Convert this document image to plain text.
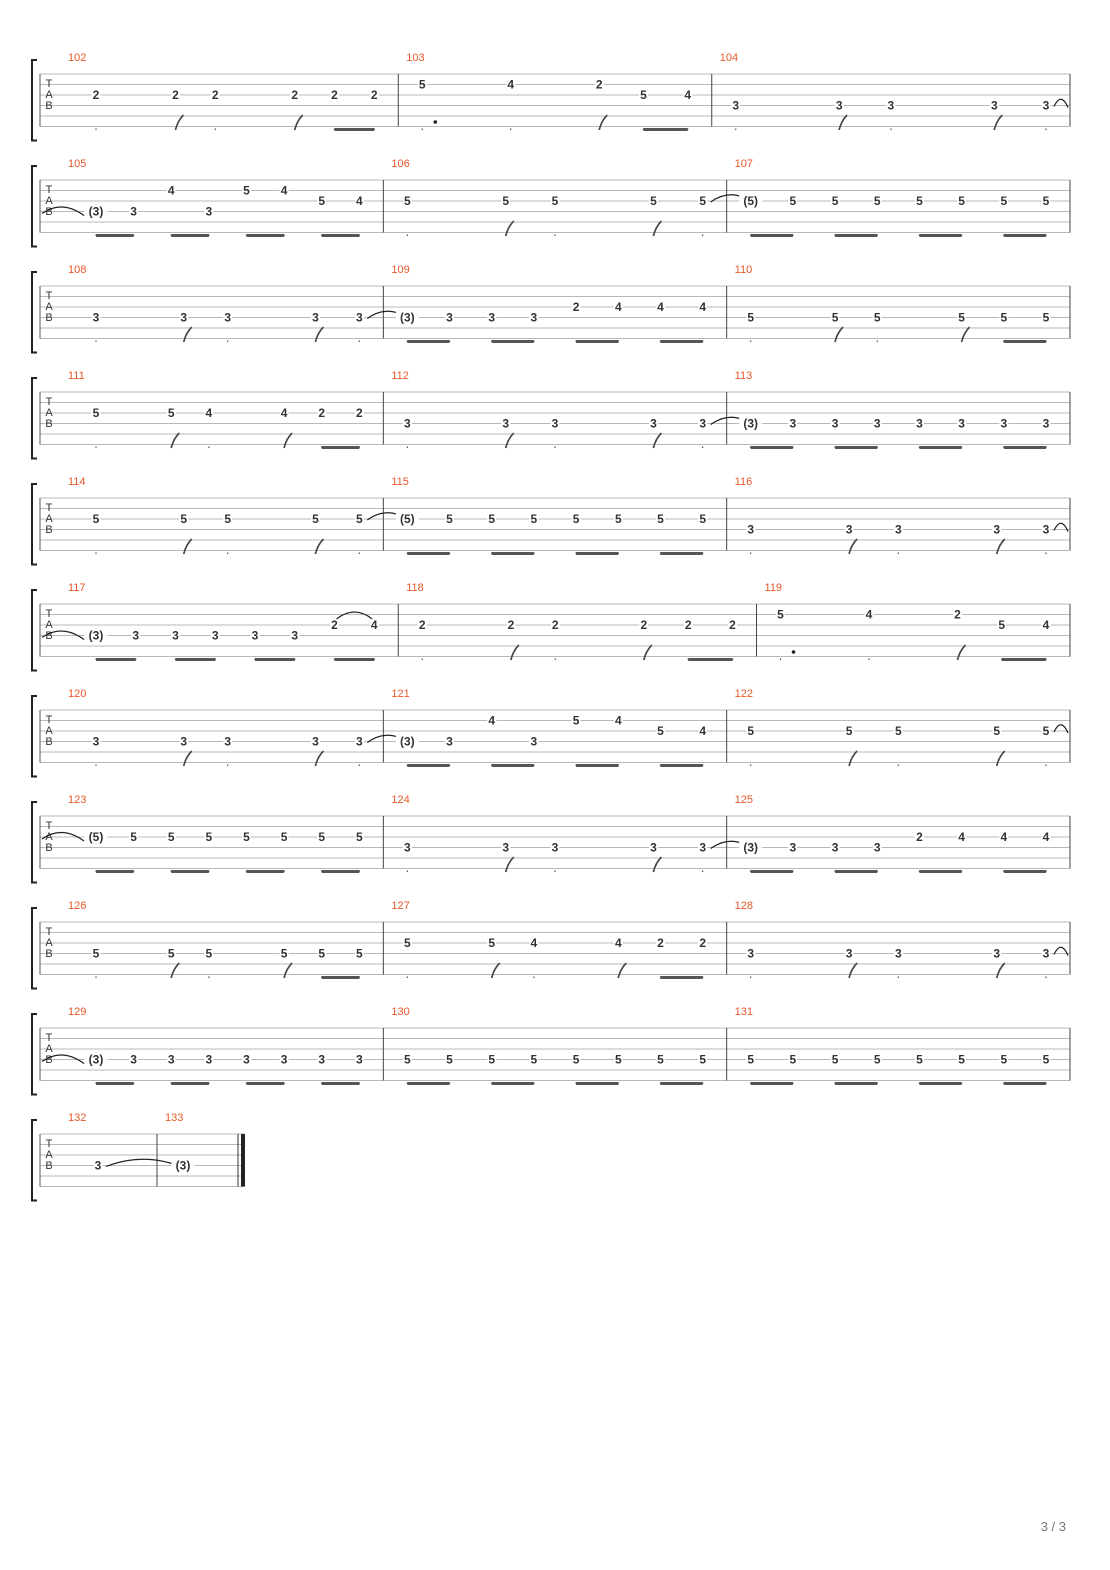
T
A
B
102
2	2	2	2	2	2
103
5	4	2
5	4
104
3	3	3	3	3
T
A
B
105
(3) 3
4
3
5	4
5	4
106
5	5	5	5	5
107
(5)	5	5	5	5	5	5	5
T
A
B
108
3	3	3	3	3
109
(3)	3	3	3
2	4	4	4
110
5	5	5	5	5	5
T
A
B
111
5	5	4	4	2	2
112
3	3	3	3	3
113
(3)	3	3	3	3	3	3	3
T
A
B
114
5	5	5	5	5
115
(5)	5	5	5	5	5	5	5
116
3	3	3	3	3
T
A
B
117
(3) 3	3	3	3	3
2	4
118
2	2	2	2	2	2
119
5	4	2
5	4
T
A
B
120
3	3	3	3	3
121
(3)	3
4
3
5	4
5	4
122
5	5	5	5	5
T
A
B
123
(5) 5	5	5	5	5	5	5
124
3	3	3	3	3
125
(3)	3	3	3
2	4	4	4
T
A
B
126
5	5	5	5	5	5
127
5	5	4	4	2	2
128
3	3	3	3	3
T
A
B
129
(3) 3	3	3	3	3	3	3
130
5	5	5	5	5	5	5	5
131
5	5	5	5	5	5	5	5
T
A
B
132
3
133
(3)
3 / 3
